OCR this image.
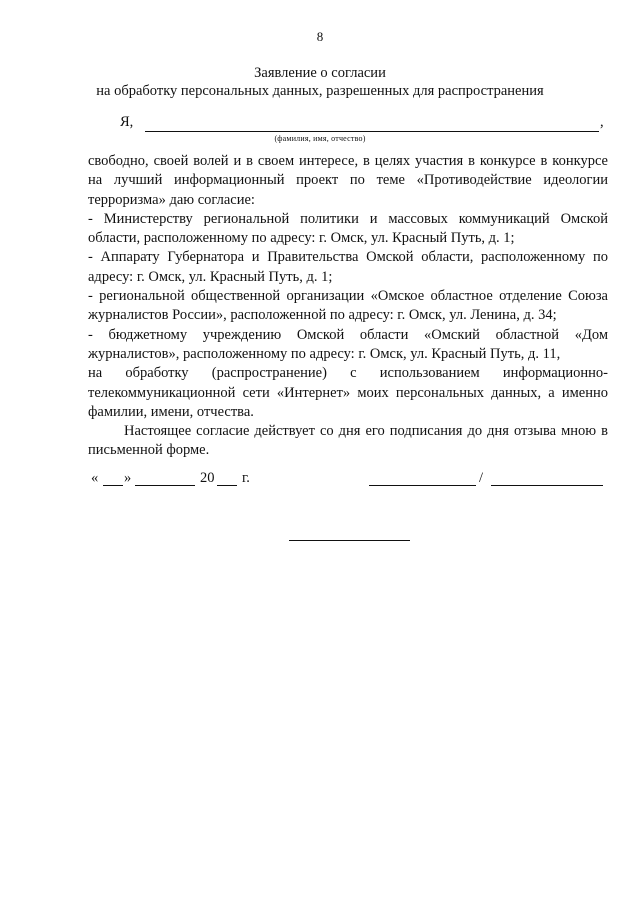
8
Заявление о согласии
на обработку персональных данных, разрешенных для распространения
Я,	,
(фамилия, имя, отчество)

свободно, своей волей и в своем интересе, в целях участия в конкурсе в конкурсе на лучший информационный проект по теме «Противодействие идеологии терроризма» даю согласие:

- Министерству региональной политики и массовых коммуникаций Омской области, расположенному по адресу: г. Омск, ул. Красный Путь, д. 1;

- Аппарату Губернатора и Правительства Омской области, расположенному по адресу: г. Омск, ул. Красный Путь, д. 1;

- региональной общественной организации «Омское областное отделение Союза журналистов России», расположенной по адресу: г. Омск, ул. Ленина, д. 34;

- бюджетному учреждению Омской области «Омский областной «Дом журналистов», расположенному по адресу: г. Омск, ул. Красный Путь, д. 11,

на обработку (распространение) с использованием информационно-телекоммуникационной сети «Интернет» моих персональных данных, а именно фамилии, имени, отчества.

Настоящее согласие действует со дня его подписания до дня отзыва мною в письменной форме.

« »	20 г.	/
